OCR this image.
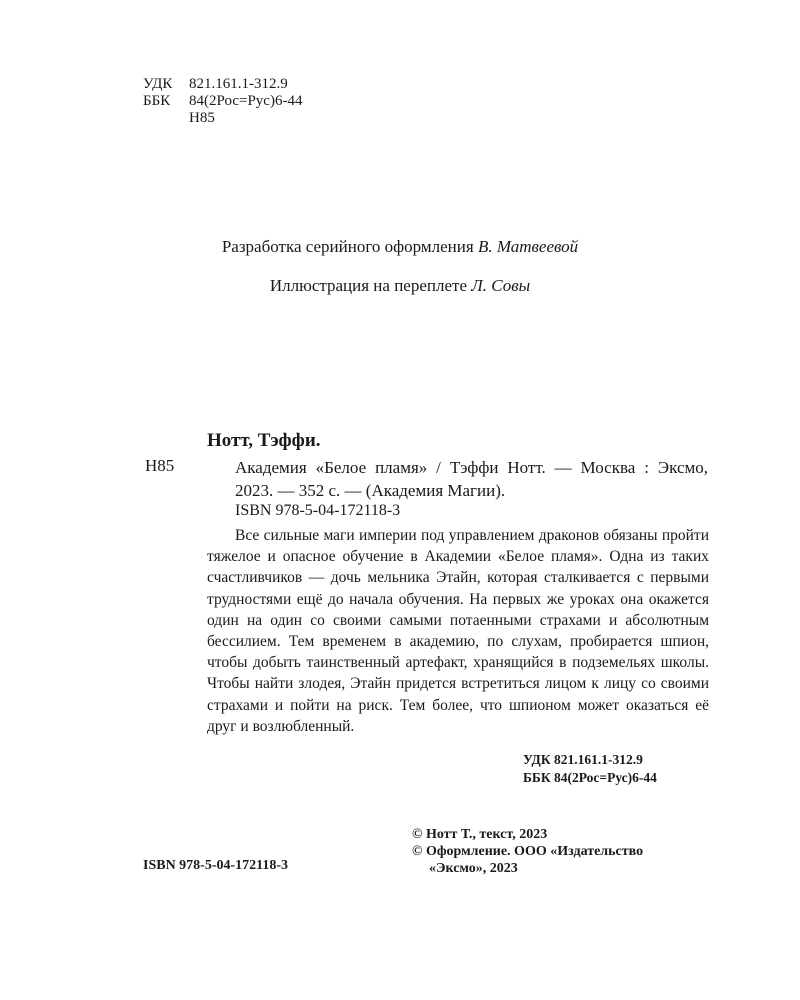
УДК 821.161.1-312.9
ББК 84(2Рос=Рус)6-44
Н85
Разработка серийного оформления В. Матвеевой
Иллюстрация на переплете Л. Совы
Нотт, Тэффи.
Н85	Академия «Белое пламя» / Тэффи Нотт. — Москва : Эксмо, 2023. — 352 с. — (Академия Магии).
ISBN 978-5-04-172118-3
Все сильные маги империи под управлением драконов обязаны пройти тяжелое и опасное обучение в Академии «Белое пламя». Одна из таких счастливчиков — дочь мельника Этайн, которая сталкивается с первыми трудностями ещё до начала обучения. На первых же уроках она окажется один на один со своими самыми потаенными страхами и абсолютным бессилием. Тем временем в академию, по слухам, пробирается шпион, чтобы добыть таинственный артефакт, хранящийся в подземельях школы. Чтобы найти злодея, Этайн придется встретиться лицом к лицу со своими страхами и пойти на риск. Тем более, что шпионом может оказаться её друг и возлюбленный.
УДК 821.161.1-312.9
ББК 84(2Рос=Рус)6-44
© Нотт Т., текст, 2023
© Оформление. ООО «Издательство
«Эксмо», 2023
ISBN 978-5-04-172118-3
